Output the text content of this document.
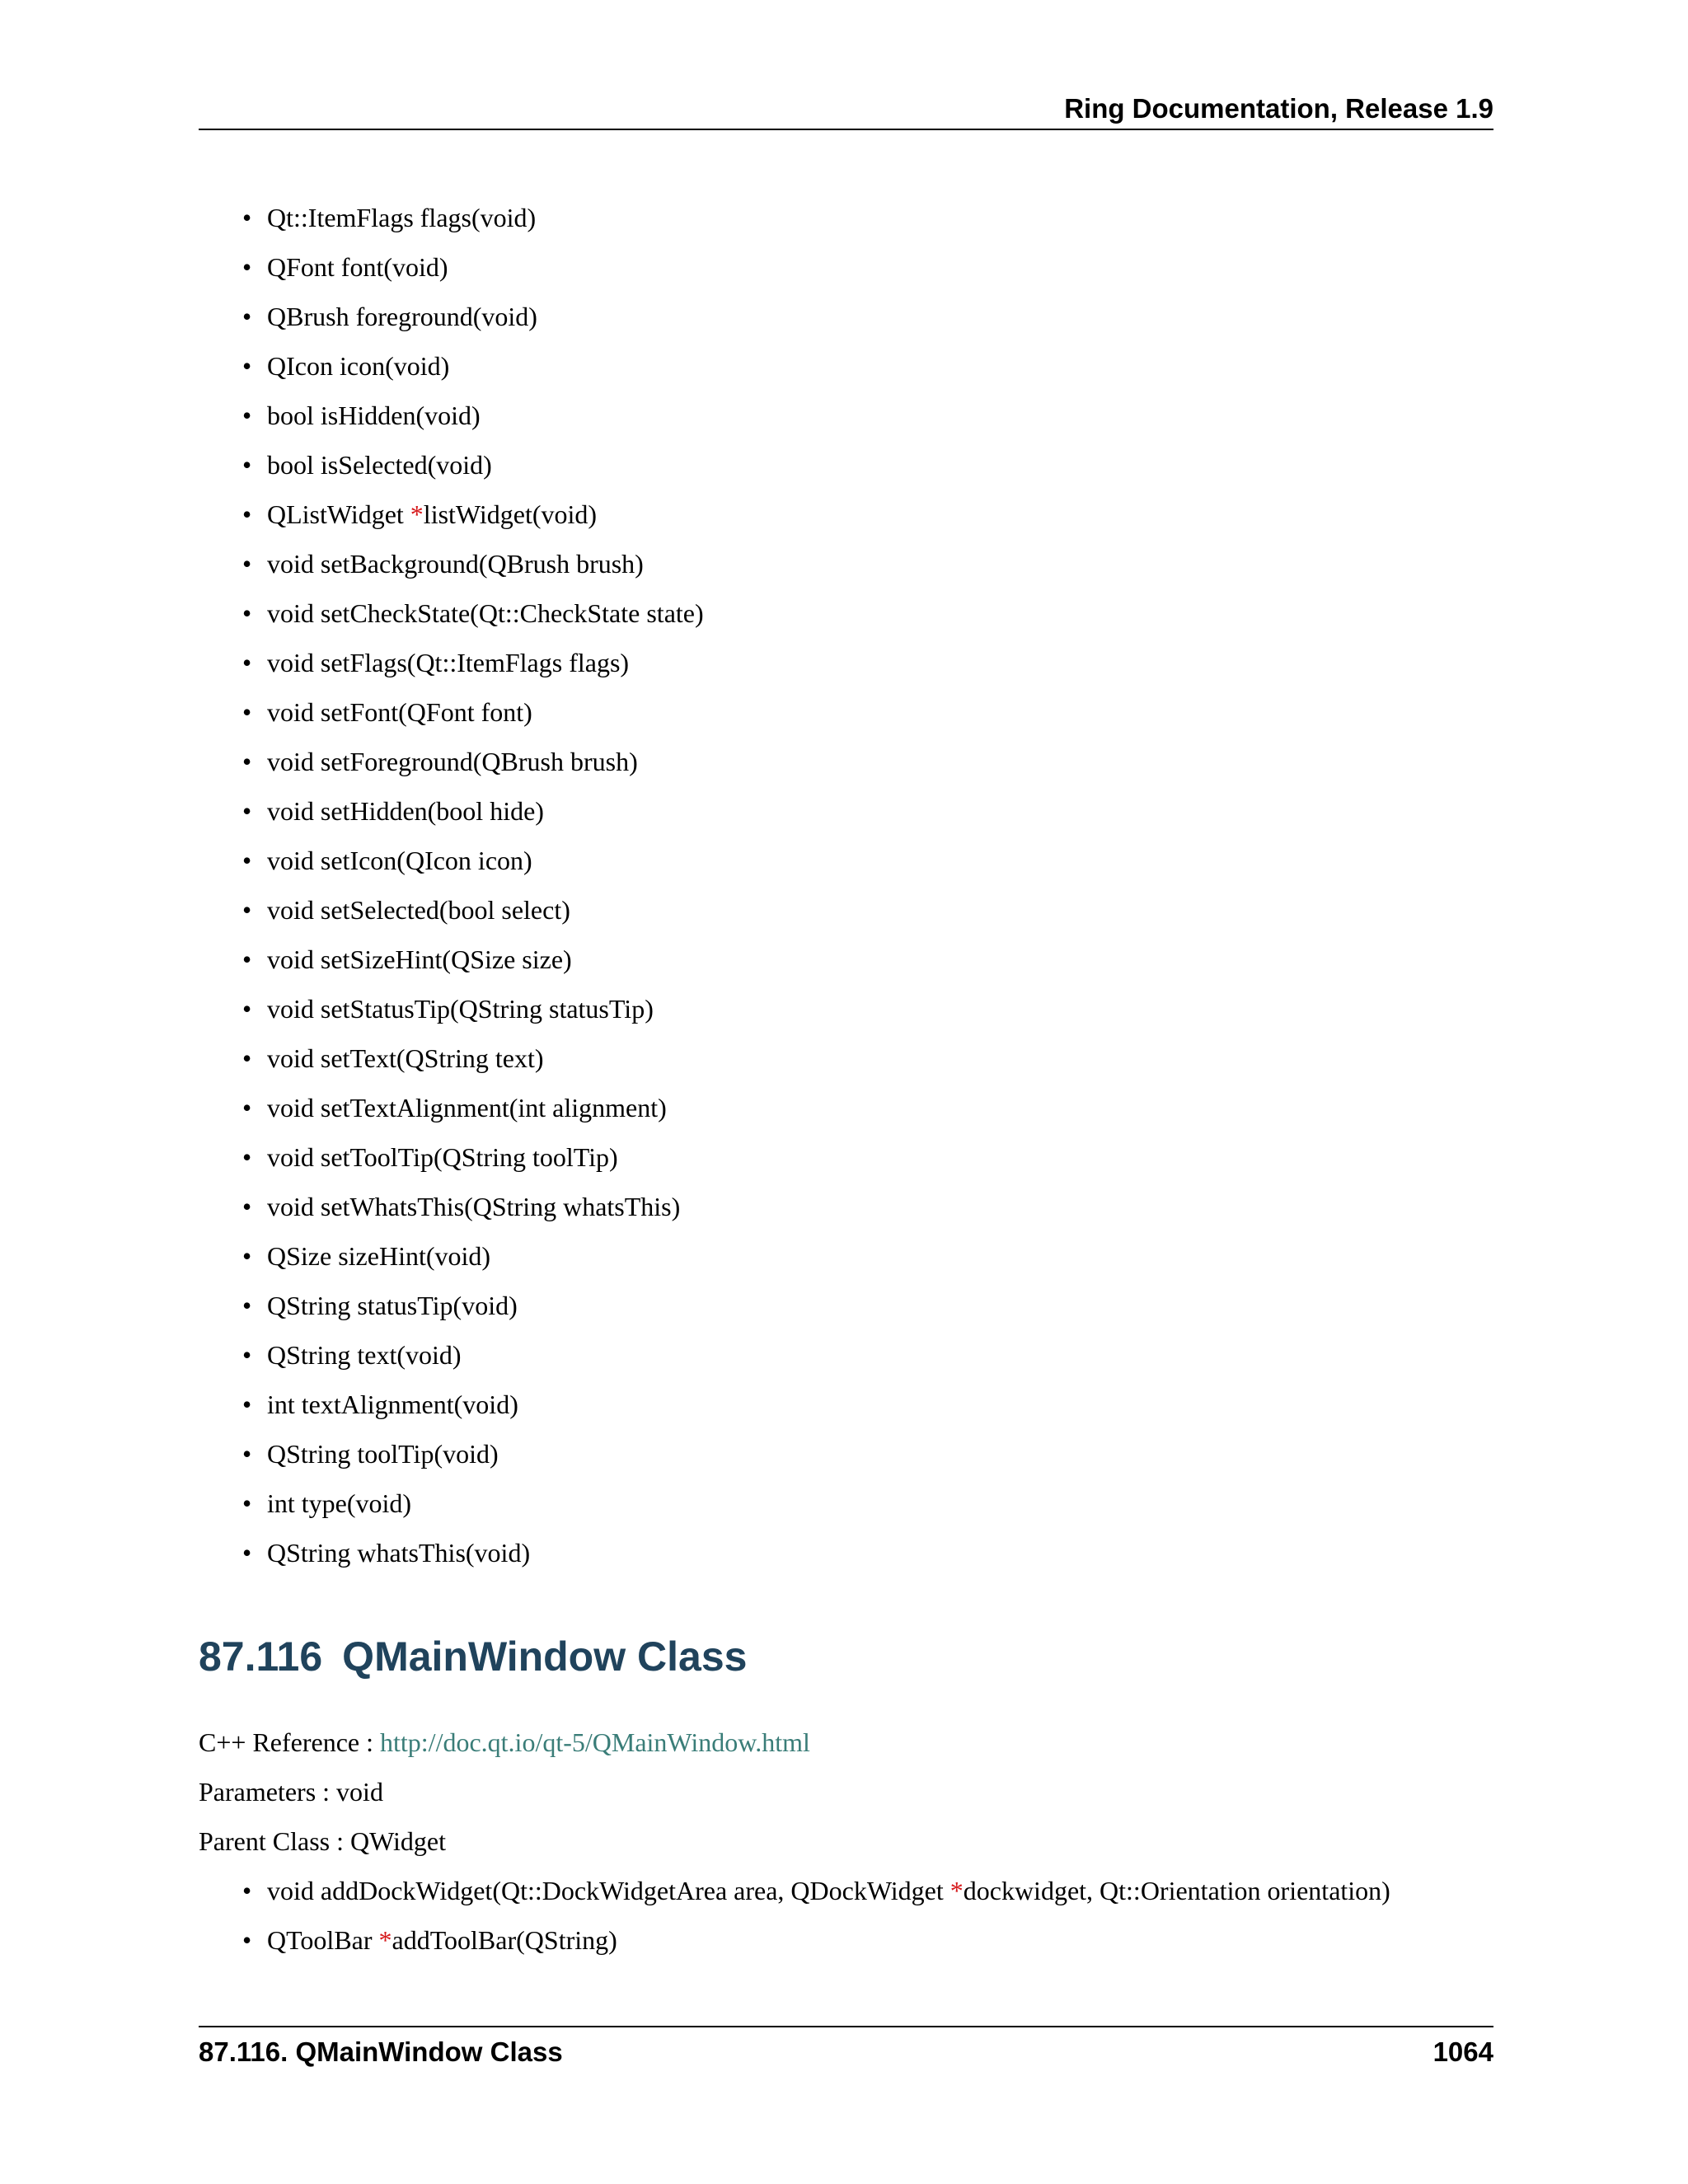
Ring Documentation, Release 1.9
• Qt::ItemFlags flags(void)
• QFont font(void)
• QBrush foreground(void)
• QIcon icon(void)
• bool isHidden(void)
• bool isSelected(void)
• QListWidget *listWidget(void)
• void setBackground(QBrush brush)
• void setCheckState(Qt::CheckState state)
• void setFlags(Qt::ItemFlags flags)
• void setFont(QFont font)
• void setForeground(QBrush brush)
• void setHidden(bool hide)
• void setIcon(QIcon icon)
• void setSelected(bool select)
• void setSizeHint(QSize size)
• void setStatusTip(QString statusTip)
• void setText(QString text)
• void setTextAlignment(int alignment)
• void setToolTip(QString toolTip)
• void setWhatsThis(QString whatsThis)
• QSize sizeHint(void)
• QString statusTip(void)
• QString text(void)
• int textAlignment(void)
• QString toolTip(void)
• int type(void)
• QString whatsThis(void)
87.116 QMainWindow Class
C++ Reference : http://doc.qt.io/qt-5/QMainWindow.html
Parameters : void
Parent Class : QWidget
• void addDockWidget(Qt::DockWidgetArea area, QDockWidget *dockwidget, Qt::Orientation orientation)
• QToolBar *addToolBar(QString)
87.116. QMainWindow Class	1064
